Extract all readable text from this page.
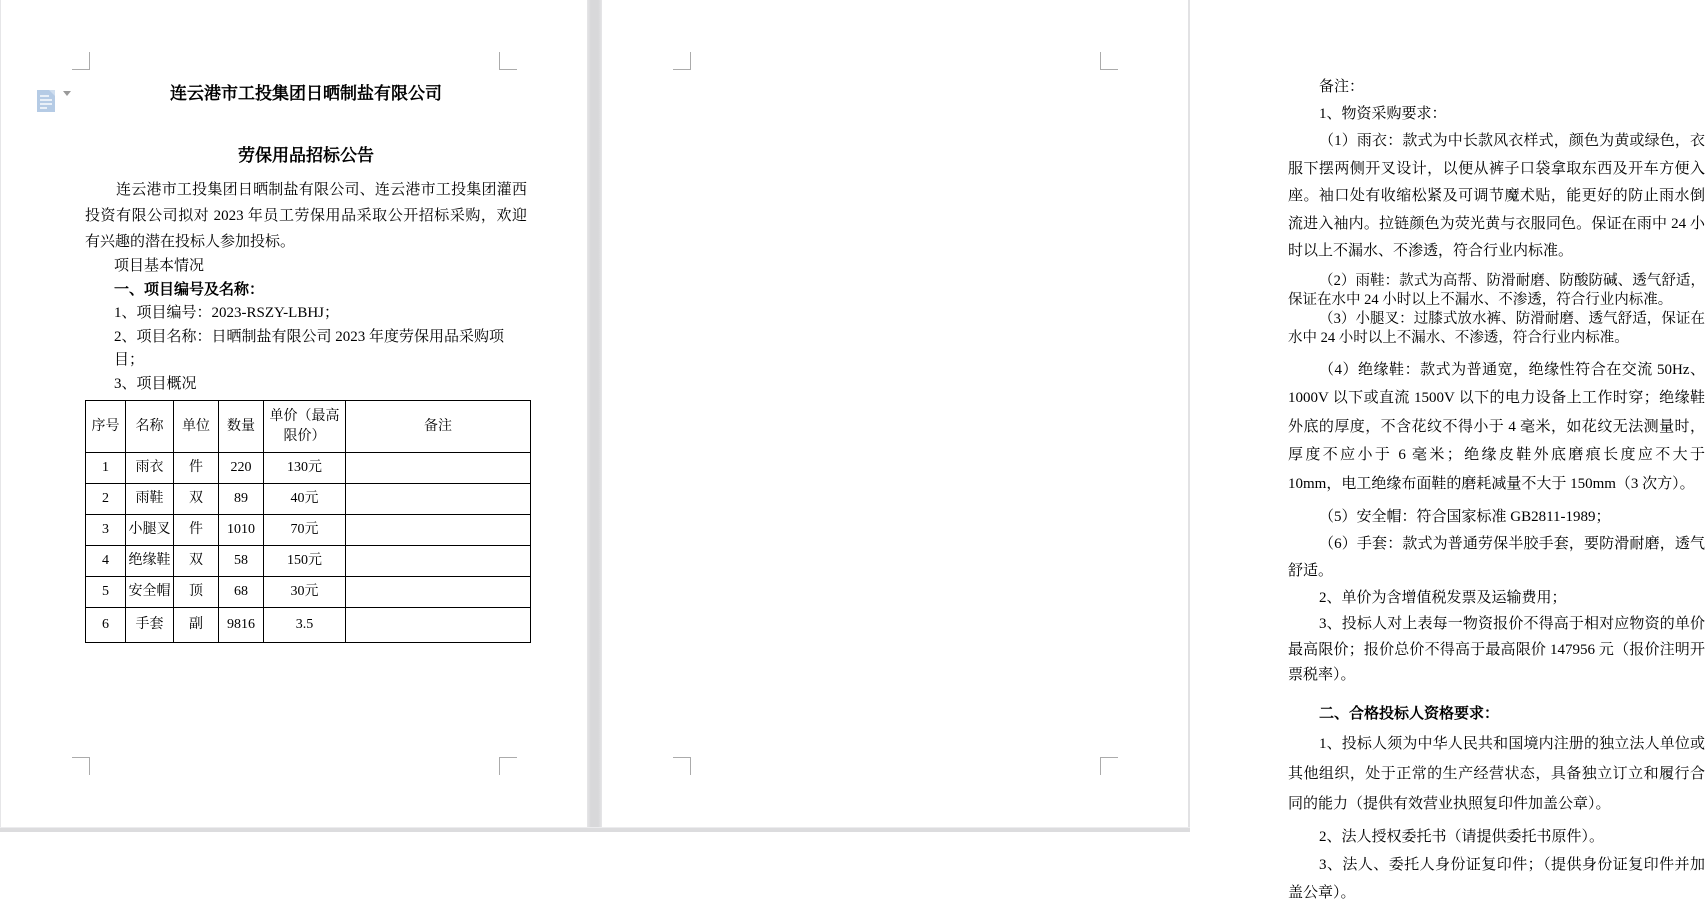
连云港市工投集团日晒制盐有限公司
劳保用品招标公告

连云港市工投集团日晒制盐有限公司、连云港市工投集团灌西投资有限公司拟对 2023 年员工劳保用品采取公开招标采购，欢迎有兴趣的潜在投标人参加投标。

项目基本情况
一、项目编号及名称：
1、项目编号：2023-RSZY-LBHJ；
2、项目名称：日晒制盐有限公司 2023 年度劳保用品采购项目；
3、项目概况
序号	名称	单位	数量	单价（最高限价）	备注
1	雨衣	件	220	130元	
2	雨鞋	双	89	40元	
3	小腿叉	件	1010	70元	
4	绝缘鞋	双	58	150元	
5	安全帽	顶	68	30元	
6	手套	副	9816	3.5	

备注：

1、物资采购要求：

（1）雨衣：款式为中长款风衣样式，颜色为黄或绿色，衣服下摆两侧开叉设计，以便从裤子口袋拿取东西及开车方便入座。袖口处有收缩松紧及可调节魔术贴，能更好的防止雨水倒流进入袖内。拉链颜色为荧光黄与衣服同色。保证在雨中 24 小时以上不漏水、不渗透，符合行业内标准。

（2）雨鞋：款式为高帮、防滑耐磨、防酸防碱、透气舒适，保证在水中 24 小时以上不漏水、不渗透，符合行业内标准。

（3）小腿叉：过膝式放水裤、防滑耐磨、透气舒适，保证在水中 24 小时以上不漏水、不渗透，符合行业内标准。

（4）绝缘鞋：款式为普通宽，绝缘性符合在交流 50Hz、1000V 以下或直流 1500V 以下的电力设备上工作时穿；绝缘鞋外底的厚度，不含花纹不得小于 4 毫米，如花纹无法测量时，厚度不应小于 6 毫米；绝缘皮鞋外底磨痕长度应不大于 10mm，电工绝缘布面鞋的磨耗减量不大于 150mm（3 次方）。

（5）安全帽：符合国家标准 GB2811-1989；

（6）手套：款式为普通劳保半胶手套，要防滑耐磨，透气舒适。

2、单价为含增值税发票及运输费用；

3、投标人对上表每一物资报价不得高于相对应物资的单价最高限价；报价总价不得高于最高限价 147956 元（报价注明开票税率）。

二、合格投标人资格要求：

1、投标人须为中华人民共和国境内注册的独立法人单位或其他组织，处于正常的生产经营状态，具备独立订立和履行合同的能力（提供有效营业执照复印件加盖公章）。

2、法人授权委托书（请提供委托书原件）。

3、法人、委托人身份证复印件；（提供身份证复印件并加盖公章）。
